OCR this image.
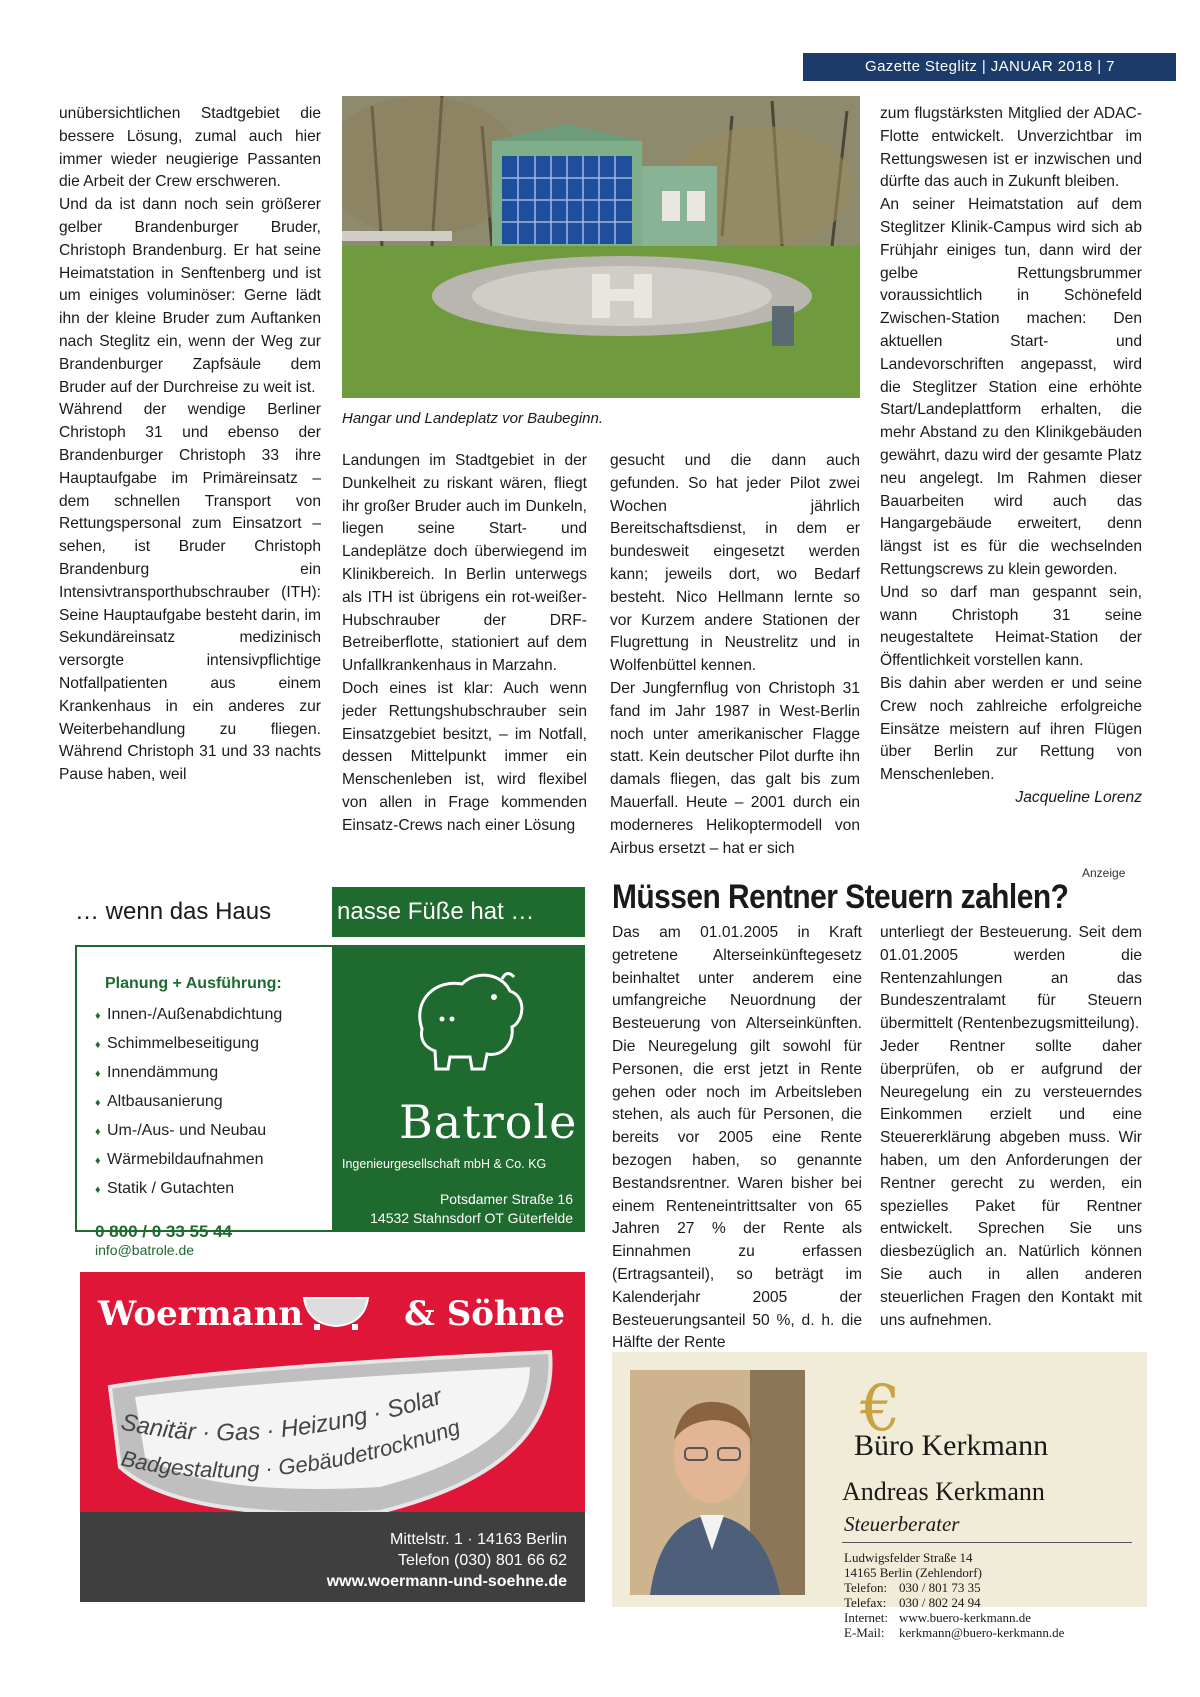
Gazette Steglitz | JANUAR 2018 | 7

unübersichtlichen Stadtgebiet die bessere Lösung, zumal auch hier immer wieder neugierige Passanten die Arbeit der Crew erschweren.

Und da ist dann noch sein größerer gelber Brandenburger Bruder, Christoph Brandenburg. Er hat seine Heimatstation in Senftenberg und ist um einiges voluminöser: Gerne lädt ihn der kleine Bruder zum Auftanken nach Steglitz ein, wenn der Weg zur Brandenburger Zapfsäule dem Bruder auf der Durchreise zu weit ist.

Während der wendige Berliner Christoph 31 und ebenso der Brandenburger Christoph 33 ihre Hauptaufgabe im Primäreinsatz – dem schnellen Transport von Rettungspersonal zum Einsatzort – sehen, ist Bruder Christoph Brandenburg ein Intensivtransporthubschrauber (ITH): Seine Hauptaufgabe besteht darin, im Sekundäreinsatz medizinisch versorgte intensivpflichtige Notfallpatienten aus einem Krankenhaus in ein anderes zur Weiterbehandlung zu fliegen. Während Christoph 31 und 33 nachts Pause haben, weil

Hangar und Landeplatz vor Baubeginn.

Landungen im Stadtgebiet in der Dunkelheit zu riskant wären, fliegt ihr großer Bruder auch im Dunkeln, liegen seine Start- und Landeplätze doch überwiegend im Klinikbereich. In Berlin unterwegs als ITH ist übrigens ein rot-weißer-Hubschrauber der DRF-Betreiberflotte, stationiert auf dem Unfallkrankenhaus in Marzahn.

Doch eines ist klar: Auch wenn jeder Rettungshubschrauber sein Einsatzgebiet besitzt, – im Notfall, dessen Mittelpunkt immer ein Menschenleben ist, wird flexibel von allen in Frage kommenden Einsatz-Crews nach einer Lösung

gesucht und die dann auch gefunden. So hat jeder Pilot zwei Wochen jährlich Bereitschaftsdienst, in dem er bundesweit eingesetzt werden kann; jeweils dort, wo Bedarf besteht. Nico Hellmann lernte so vor Kurzem andere Stationen der Flugrettung in Neustrelitz und in Wolfenbüttel kennen.

Der Jungfernflug von Christoph 31 fand im Jahr 1987 in West-Berlin noch unter amerikanischer Flagge statt. Kein deutscher Pilot durfte ihn damals fliegen, das galt bis zum Mauerfall. Heute – 2001 durch ein moderneres Helikoptermodell von Airbus ersetzt – hat er sich

zum flugstärksten Mitglied der ADAC-Flotte entwickelt. Unverzichtbar im Rettungswesen ist er inzwischen und dürfte das auch in Zukunft bleiben.

An seiner Heimatstation auf dem Steglitzer Klinik-Campus wird sich ab Frühjahr einiges tun, dann wird der gelbe Rettungsbrummer voraussichtlich in Schönefeld Zwischen-Station machen: Den aktuellen Start- und Landevorschriften angepasst, wird die Steglitzer Station eine erhöhte Start/Landeplattform erhalten, die mehr Abstand zu den Klinikgebäuden gewährt, dazu wird der gesamte Platz neu angelegt. Im Rahmen dieser Bauarbeiten wird auch das Hangargebäude erweitert, denn längst ist es für die wechselnden Rettungscrews zu klein geworden.

Und so darf man gespannt sein, wann Christoph 31 seine neugestaltete Heimat-Station der Öffentlichkeit vorstellen kann.

Bis dahin aber werden er und seine Crew noch zahlreiche erfolgreiche Einsätze meistern auf ihren Flügen über Berlin zur Rettung von Menschenleben.

Jacqueline Lorenz

Anzeige
… wenn das Haus	nasse Füße hat …
Planung + Ausführung:
♦ Innen-/Außenabdichtung
♦ Schimmelbeseitigung
♦ Innendämmung
♦ Altbausanierung
♦ Um-/Aus- und Neubau
♦ Wärmebildaufnahmen
♦ Statik / Gutachten
0 800 / 0 33 55 44
info@batrole.de
Batrole
Ingenieurgesellschaft mbH & Co. KG
Potsdamer Straße 16
14532 Stahnsdorf OT Güterfelde
Telefon: 0 33 29/ 69 96 0-0
Woermann	& Söhne
Sanitär · Gas · Heizung · Solar
Badgestaltung · Gebäudetrocknung
Mittelstr. 1 · 14163 Berlin
Telefon (030) 801 66 62
www.woermann-und-soehne.de
Müssen Rentner Steuern zahlen?

Das am 01.01.2005 in Kraft getretene Alterseinkünftegesetz beinhaltet unter anderem eine umfangreiche Neuordnung der Besteuerung von Alterseinkünften. Die Neuregelung gilt sowohl für Personen, die erst jetzt in Rente gehen oder noch im Arbeitsleben stehen, als auch für Personen, die bereits vor 2005 eine Rente bezogen haben, so genannte Bestandsrentner. Waren bisher bei einem Renteneintrittsalter von 65 Jahren 27 % der Rente als Einnahmen zu erfassen (Ertragsanteil), so beträgt im Kalenderjahr 2005 der Besteuerungsanteil 50 %, d. h. die Hälfte der Rente

unterliegt der Besteuerung. Seit dem 01.01.2005 werden die Rentenzahlungen an das Bundeszentralamt für Steuern übermittelt (Rentenbezugsmitteilung).

Jeder Rentner sollte daher überprüfen, ob er aufgrund der Neuregelung ein zu versteuerndes Einkommen erzielt und eine Steuererklärung abgeben muss. Wir haben, um den Anforderungen der Rentner gerecht zu werden, ein spezielles Paket für Rentner entwickelt. Sprechen Sie uns diesbezüglich an. Natürlich können Sie auch in allen anderen steuerlichen Fragen den Kontakt mit uns aufnehmen.

€
Büro Kerkmann
Andreas Kerkmann
Steuerberater
Ludwigsfelder Straße 14
14165 Berlin (Zehlendorf)
Telefon: 030 / 801 73 35
Telefax: 030 / 802 24 94
Internet: www.buero-kerkmann.de
E-Mail:	kerkmann@buero-kerkmann.de
